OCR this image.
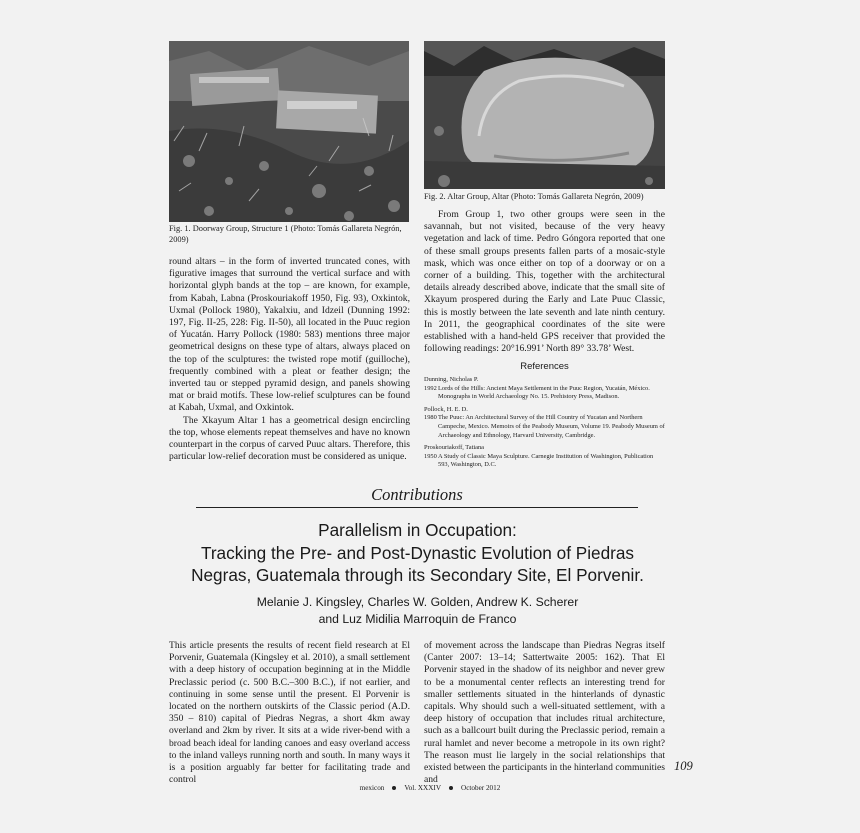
Fig. 1. Doorway Group, Structure 1 (Photo: Tomás Gallareta Negrón, 2009)
Fig. 2. Altar Group, Altar (Photo: Tomás Gallareta Negrón, 2009)

round altars – in the form of inverted truncated cones, with figurative images that surround the vertical surface and with horizontal glyph bands at the top – are known, for example, from Kabah, Labna (Proskouriakoff 1950, Fig. 93), Oxkintok, Uxmal (Pollock 1980), Yakalxiu, and Idzeil (Dunning 1992: 197, Fig. II-25, 228: Fig. II-50), all located in the Puuc region of Yucatán. Harry Pollock (1980: 583) mentions three major geometrical designs on these type of altars, always placed on the top of the sculptures: the twisted rope motif (guilloche), frequently combined with a pleat or feather design; the inverted tau or stepped pyramid design, and panels showing mat or braid motifs. These low-relief sculptures can be found at Kabah, Uxmal, and Oxkintok.

The Xkayum Altar 1 has a geometrical design encircling the top, whose elements repeat themselves and have no known counterpart in the corpus of carved Puuc altars. Therefore, this particular low-relief decoration must be considered as unique.

From Group 1, two other groups were seen in the savannah, but not visited, because of the very heavy vegetation and lack of time. Pedro Góngora reported that one of these small groups presents fallen parts of a mosaic-style mask, which was once either on top of a doorway or on a corner of a building. This, together with the architectural details already described above, indicate that the small site of Xkayum prospered during the Early and Late Puuc Classic, this is mostly between the late seventh and late ninth century. In 2011, the geographical coordinates of the site were established with a hand-held GPS receiver that provided the following readings: 20°16.991’ North 89° 33.78’ West.

References
Dunning, Nicholas P.
1992 Lords of the Hills: Ancient Maya Settlement in the Puuc Region, Yucatán, México. Monographs in World Archaeology No. 15. Prehistory Press, Madison.
Pollock, H. E. D.
1980 The Puuc: An Architectural Survey of the Hill Country of Yucatan and Northern Campeche, Mexico. Memoirs of the Peabody Museum, Volume 19. Peabody Museum of Archaeology and Ethnology, Harvard University, Cambridge.
Proskouriakoff, Tatiana
1950 A Study of Classic Maya Sculpture. Carnegie Institution of Washington, Publication 593, Washington, D.C.
Contributions
Parallelism in Occupation:
Tracking the Pre- and Post-Dynastic Evolution of Piedras
Negras, Guatemala through its Secondary Site, El Porvenir.
Melanie J. Kingsley, Charles W. Golden, Andrew K. Scherer
and Luz Midilia Marroquin de Franco
This article presents the results of recent field research at El Porvenir, Guatemala (Kingsley et al. 2010), a small settlement with a deep history of occupation beginning at in the Middle Preclassic period (c. 500 B.C.–300 B.C.), if not earlier, and continuing in some sense until the present. El Porvenir is located on the northern outskirts of the Classic period (A.D. 350 – 810) capital of Piedras Negras, a short 4km away overland and 2km by river. It sits at a wide river-bend with a broad beach ideal for landing canoes and easy overland access to the inland valleys running north and south. In many ways it is a position arguably far better for facilitating trade and control
of movement across the landscape than Piedras Negras itself (Canter 2007: 13–14; Sattertwaite 2005: 162). That El Porvenir stayed in the shadow of its neighbor and never grew to be a monumental center reflects an interesting trend for smaller settlements situated in the hinterlands of dynastic capitals. Why should such a well-situated settlement, with a deep history of occupation that includes ritual architecture, such as a ballcourt built during the Preclassic period, remain a rural hamlet and never become a metropole in its own right? The reason must lie largely in the social relationships that existed between the participants in the hinterland communities and
109
mexicon	Vol. XXXIV	October 2012
